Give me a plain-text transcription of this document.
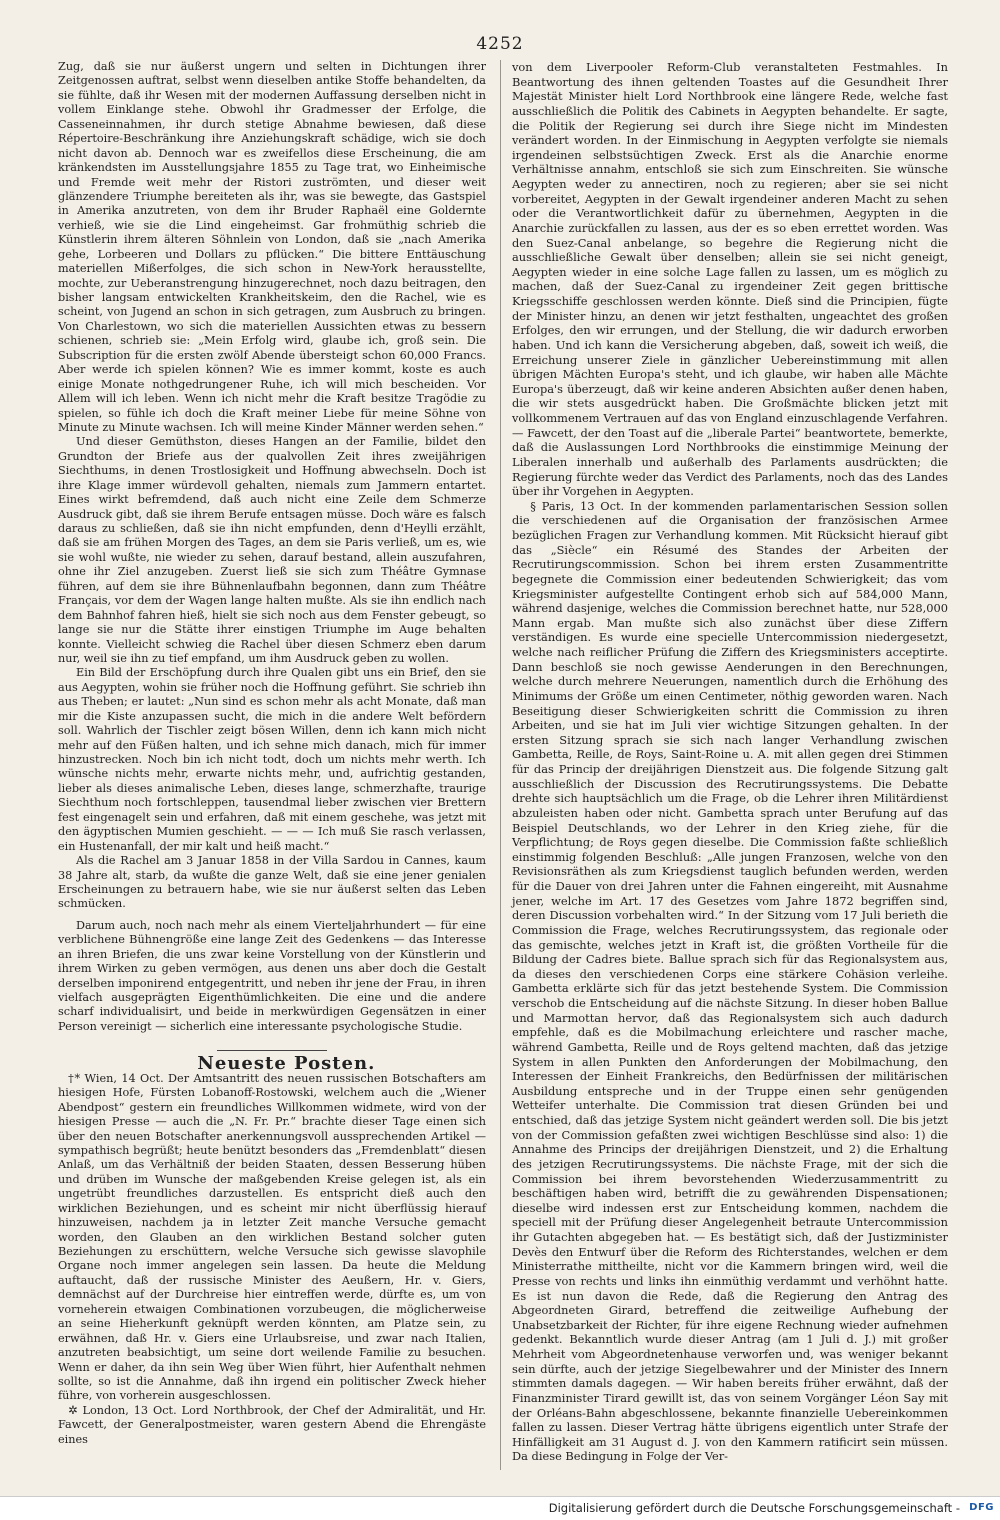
4252

Zug, daß sie nur äußerst ungern und selten in Dichtungen ihrer Zeitgenossen auftrat, selbst wenn dieselben antike Stoffe behandelten, da sie fühlte, daß ihr Wesen mit der modernen Auffassung derselben nicht in vollem Einklange stehe. Obwohl ihr Gradmesser der Erfolge, die Casseneinnahmen, ihr durch stetige Abnahme bewiesen, daß diese Répertoire-Beschränkung ihre Anziehungskraft schädige, wich sie doch nicht davon ab. Dennoch war es zweifellos diese Erscheinung, die am kränkendsten im Ausstellungsjahre 1855 zu Tage trat, wo Einheimische und Fremde weit mehr der Ristori zuströmten, und dieser weit glänzendere Triumphe bereiteten als ihr, was sie bewegte, das Gastspiel in Amerika anzutreten, von dem ihr Bruder Raphaël eine Goldernte verhieß, wie sie die Lind eingeheimst. Gar frohmüthig schrieb die Künstlerin ihrem älteren Söhnlein von London, daß sie „nach Amerika gehe, Lorbeeren und Dollars zu pflücken.“ Die bittere Enttäuschung materiellen Mißerfolges, die sich schon in New-York herausstellte, mochte, zur Ueberanstrengung hinzugerechnet, noch dazu beitragen, den bisher langsam entwickelten Krankheitskeim, den die Rachel, wie es scheint, von Jugend an schon in sich getragen, zum Ausbruch zu bringen. Von Charlestown, wo sich die materiellen Aussichten etwas zu bessern schienen, schrieb sie: „Mein Erfolg wird, glaube ich, groß sein. Die Subscription für die ersten zwölf Abende übersteigt schon 60,000 Francs. Aber werde ich spielen können? Wie es immer kommt, koste es auch einige Monate nothgedrungener Ruhe, ich will mich bescheiden. Vor Allem will ich leben. Wenn ich nicht mehr die Kraft besitze Tragödie zu spielen, so fühle ich doch die Kraft meiner Liebe für meine Söhne von Minute zu Minute wachsen. Ich will meine Kinder Männer werden sehen.“

Und dieser Gemüthston, dieses Hangen an der Familie, bildet den Grundton der Briefe aus der qualvollen Zeit ihres zweijährigen Siechthums, in denen Trostlosigkeit und Hoffnung abwechseln. Doch ist ihre Klage immer würdevoll gehalten, niemals zum Jammern entartet. Eines wirkt befremdend, daß auch nicht eine Zeile dem Schmerze Ausdruck gibt, daß sie ihrem Berufe entsagen müsse. Doch wäre es falsch daraus zu schließen, daß sie ihn nicht empfunden, denn d'Heylli erzählt, daß sie am frühen Morgen des Tages, an dem sie Paris verließ, um es, wie sie wohl wußte, nie wieder zu sehen, darauf bestand, allein auszufahren, ohne ihr Ziel anzugeben. Zuerst ließ sie sich zum Théâtre Gymnase führen, auf dem sie ihre Bühnenlaufbahn begonnen, dann zum Théâtre Français, vor dem der Wagen lange halten mußte. Als sie ihn endlich nach dem Bahnhof fahren hieß, hielt sie sich noch aus dem Fenster gebeugt, so lange sie nur die Stätte ihrer einstigen Triumphe im Auge behalten konnte. Vielleicht schwieg die Rachel über diesen Schmerz eben darum nur, weil sie ihn zu tief empfand, um ihm Ausdruck geben zu wollen.

Ein Bild der Erschöpfung durch ihre Qualen gibt uns ein Brief, den sie aus Aegypten, wohin sie früher noch die Hoffnung geführt. Sie schrieb ihn aus Theben; er lautet: „Nun sind es schon mehr als acht Monate, daß man mir die Kiste anzupassen sucht, die mich in die andere Welt befördern soll. Wahrlich der Tischler zeigt bösen Willen, denn ich kann mich nicht mehr auf den Füßen halten, und ich sehne mich danach, mich für immer hinzustrecken. Noch bin ich nicht todt, doch um nichts mehr werth. Ich wünsche nichts mehr, erwarte nichts mehr, und, aufrichtig gestanden, lieber als dieses animalische Leben, dieses lange, schmerzhafte, traurige Siechthum noch fortschleppen, tausendmal lieber zwischen vier Brettern fest eingenagelt sein und erfahren, daß mit einem geschehe, was jetzt mit den ägyptischen Mumien geschieht. — — — Ich muß Sie rasch verlassen, ein Hustenanfall, der mir kalt und heiß macht.“

Als die Rachel am 3 Januar 1858 in der Villa Sardou in Cannes, kaum 38 Jahre alt, starb, da wußte die ganze Welt, daß sie eine jener genialen Erscheinungen zu betrauern habe, wie sie nur äußerst selten das Leben schmücken.

Darum auch, noch nach mehr als einem Vierteljahrhundert — für eine verblichene Bühnengröße eine lange Zeit des Gedenkens — das Interesse an ihren Briefen, die uns zwar keine Vorstellung von der Künstlerin und ihrem Wirken zu geben vermögen, aus denen uns aber doch die Gestalt derselben imponirend entgegentritt, und neben ihr jene der Frau, in ihren vielfach ausgeprägten Eigenthümlichkeiten. Die eine und die andere scharf individualisirt, und beide in merkwürdigen Gegensätzen in einer Person vereinigt — sicherlich eine interessante psychologische Studie.

Neueste Posten.

†* Wien, 14 Oct. Der Amtsantritt des neuen russischen Botschafters am hiesigen Hofe, Fürsten Lobanoff-Rostowski, welchem auch die „Wiener Abendpost“ gestern ein freundliches Willkommen widmete, wird von der hiesigen Presse — auch die „N. Fr. Pr.“ brachte dieser Tage einen sich über den neuen Botschafter anerkennungsvoll aussprechenden Artikel — sympathisch begrüßt; heute benützt besonders das „Fremdenblatt“ diesen Anlaß, um das Verhältniß der beiden Staaten, dessen Besserung hüben und drüben im Wunsche der maßgebenden Kreise gelegen ist, als ein ungetrübt freundliches darzustellen. Es entspricht dieß auch den wirklichen Beziehungen, und es scheint mir nicht überflüssig hierauf hinzuweisen, nachdem ja in letzter Zeit manche Versuche gemacht worden, den Glauben an den wirklichen Bestand solcher guten Beziehungen zu erschüttern, welche Versuche sich gewisse slavophile Organe noch immer angelegen sein lassen. Da heute die Meldung auftaucht, daß der russische Minister des Aeußern, Hr. v. Giers, demnächst auf der Durchreise hier eintreffen werde, dürfte es, um von vorneherein etwaigen Combinationen vorzubeugen, die möglicherweise an seine Hieherkunft geknüpft werden könnten, am Platze sein, zu erwähnen, daß Hr. v. Giers eine Urlaubsreise, und zwar nach Italien, anzutreten beabsichtigt, um seine dort weilende Familie zu besuchen. Wenn er daher, da ihn sein Weg über Wien führt, hier Aufenthalt nehmen sollte, so ist die Annahme, daß ihn irgend ein politischer Zweck hieher führe, von vorherein ausgeschlossen.

✲ London, 13 Oct. Lord Northbrook, der Chef der Admiralität, und Hr. Fawcett, der Generalpostmeister, waren gestern Abend die Ehrengäste eines

von dem Liverpooler Reform-Club veranstalteten Festmahles. In Beantwortung des ihnen geltenden Toastes auf die Gesundheit Ihrer Majestät Minister hielt Lord Northbrook eine längere Rede, welche fast ausschließlich die Politik des Cabinets in Aegypten behandelte. Er sagte, die Politik der Regierung sei durch ihre Siege nicht im Mindesten verändert worden. In der Einmischung in Aegypten verfolgte sie niemals irgendeinen selbstsüchtigen Zweck. Erst als die Anarchie enorme Verhältnisse annahm, entschloß sie sich zum Einschreiten. Sie wünsche Aegypten weder zu annectiren, noch zu regieren; aber sie sei nicht vorbereitet, Aegypten in der Gewalt irgendeiner anderen Macht zu sehen oder die Verantwortlichkeit dafür zu übernehmen, Aegypten in die Anarchie zurückfallen zu lassen, aus der es so eben errettet worden. Was den Suez-Canal anbelange, so begehre die Regierung nicht die ausschließliche Gewalt über denselben; allein sie sei nicht geneigt, Aegypten wieder in eine solche Lage fallen zu lassen, um es möglich zu machen, daß der Suez-Canal zu irgendeiner Zeit gegen brittische Kriegsschiffe geschlossen werden könnte. Dieß sind die Principien, fügte der Minister hinzu, an denen wir jetzt festhalten, ungeachtet des großen Erfolges, den wir errungen, und der Stellung, die wir dadurch erworben haben. Und ich kann die Versicherung abgeben, daß, soweit ich weiß, die Erreichung unserer Ziele in gänzlicher Uebereinstimmung mit allen übrigen Mächten Europa's steht, und ich glaube, wir haben alle Mächte Europa's überzeugt, daß wir keine anderen Absichten außer denen haben, die wir stets ausgedrückt haben. Die Großmächte blicken jetzt mit vollkommenem Vertrauen auf das von England einzuschlagende Verfahren. — Fawcett, der den Toast auf die „liberale Partei“ beantwortete, bemerkte, daß die Auslassungen Lord Northbrooks die einstimmige Meinung der Liberalen innerhalb und außerhalb des Parlaments ausdrückten; die Regierung fürchte weder das Verdict des Parlaments, noch das des Landes über ihr Vorgehen in Aegypten.

§ Paris, 13 Oct. In der kommenden parlamentarischen Session sollen die verschiedenen auf die Organisation der französischen Armee bezüglichen Fragen zur Verhandlung kommen. Mit Rücksicht hierauf gibt das „Siècle“ ein Résumé des Standes der Arbeiten der Recrutirungscommission. Schon bei ihrem ersten Zusammentritte begegnete die Commission einer bedeutenden Schwierigkeit; das vom Kriegsminister aufgestellte Contingent erhob sich auf 584,000 Mann, während dasjenige, welches die Commission berechnet hatte, nur 528,000 Mann ergab. Man mußte sich also zunächst über diese Ziffern verständigen. Es wurde eine specielle Untercommission niedergesetzt, welche nach reiflicher Prüfung die Ziffern des Kriegsministers acceptirte. Dann beschloß sie noch gewisse Aenderungen in den Berechnungen, welche durch mehrere Neuerungen, namentlich durch die Erhöhung des Minimums der Größe um einen Centimeter, nöthig geworden waren. Nach Beseitigung dieser Schwierigkeiten schritt die Commission zu ihren Arbeiten, und sie hat im Juli vier wichtige Sitzungen gehalten. In der ersten Sitzung sprach sie sich nach langer Verhandlung zwischen Gambetta, Reille, de Roys, Saint-Roine u. A. mit allen gegen drei Stimmen für das Princip der dreijährigen Dienstzeit aus. Die folgende Sitzung galt ausschließlich der Discussion des Recrutirungssystems. Die Debatte drehte sich hauptsächlich um die Frage, ob die Lehrer ihren Militärdienst abzuleisten haben oder nicht. Gambetta sprach unter Berufung auf das Beispiel Deutschlands, wo der Lehrer in den Krieg ziehe, für die Verpflichtung; de Roys gegen dieselbe. Die Commission faßte schließlich einstimmig folgenden Beschluß: „Alle jungen Franzosen, welche von den Revisionsräthen als zum Kriegsdienst tauglich befunden werden, werden für die Dauer von drei Jahren unter die Fahnen eingereiht, mit Ausnahme jener, welche im Art. 17 des Gesetzes vom Jahre 1872 begriffen sind, deren Discussion vorbehalten wird.“ In der Sitzung vom 17 Juli berieth die Commission die Frage, welches Recrutirungssystem, das regionale oder das gemischte, welches jetzt in Kraft ist, die größten Vortheile für die Bildung der Cadres biete. Ballue sprach sich für das Regionalsystem aus, da dieses den verschiedenen Corps eine stärkere Cohäsion verleihe. Gambetta erklärte sich für das jetzt bestehende System. Die Commission verschob die Entscheidung auf die nächste Sitzung. In dieser hoben Ballue und Marmottan hervor, daß das Regionalsystem sich auch dadurch empfehle, daß es die Mobilmachung erleichtere und rascher mache, während Gambetta, Reille und de Roys geltend machten, daß das jetzige System in allen Punkten den Anforderungen der Mobilmachung, den Interessen der Einheit Frankreichs, den Bedürfnissen der militärischen Ausbildung entspreche und in der Truppe einen sehr genügenden Wetteifer unterhalte. Die Commission trat diesen Gründen bei und entschied, daß das jetzige System nicht geändert werden soll. Die bis jetzt von der Commission gefaßten zwei wichtigen Beschlüsse sind also: 1) die Annahme des Princips der dreijährigen Dienstzeit, und 2) die Erhaltung des jetzigen Recrutirungssystems. Die nächste Frage, mit der sich die Commission bei ihrem bevorstehenden Wiederzusammentritt zu beschäftigen haben wird, betrifft die zu gewährenden Dispensationen; dieselbe wird indessen erst zur Entscheidung kommen, nachdem die speciell mit der Prüfung dieser Angelegenheit betraute Untercommission ihr Gutachten abgegeben hat. — Es bestätigt sich, daß der Justizminister Devès den Entwurf über die Reform des Richterstandes, welchen er dem Ministerrathe mittheilte, nicht vor die Kammern bringen wird, weil die Presse von rechts und links ihn einmüthig verdammt und verhöhnt hatte. Es ist nun davon die Rede, daß die Regierung den Antrag des Abgeordneten Girard, betreffend die zeitweilige Aufhebung der Unabsetzbarkeit der Richter, für ihre eigene Rechnung wieder aufnehmen gedenkt. Bekanntlich wurde dieser Antrag (am 1 Juli d. J.) mit großer Mehrheit vom Abgeordnetenhause verworfen und, was weniger bekannt sein dürfte, auch der jetzige Siegelbewahrer und der Minister des Innern stimmten damals dagegen. — Wir haben bereits früher erwähnt, daß der Finanzminister Tirard gewillt ist, das von seinem Vorgänger Léon Say mit der Orléans-Bahn abgeschlossene, bekannte finanzielle Uebereinkommen fallen zu lassen. Dieser Vertrag hätte übrigens eigentlich unter Strafe der Hinfälligkeit am 31 August d. J. von den Kammern ratificirt sein müssen. Da diese Bedingung in Folge der Ver-

Digitalisierung gefördert durch die Deutsche Forschungsgemeinschaft - DFG
